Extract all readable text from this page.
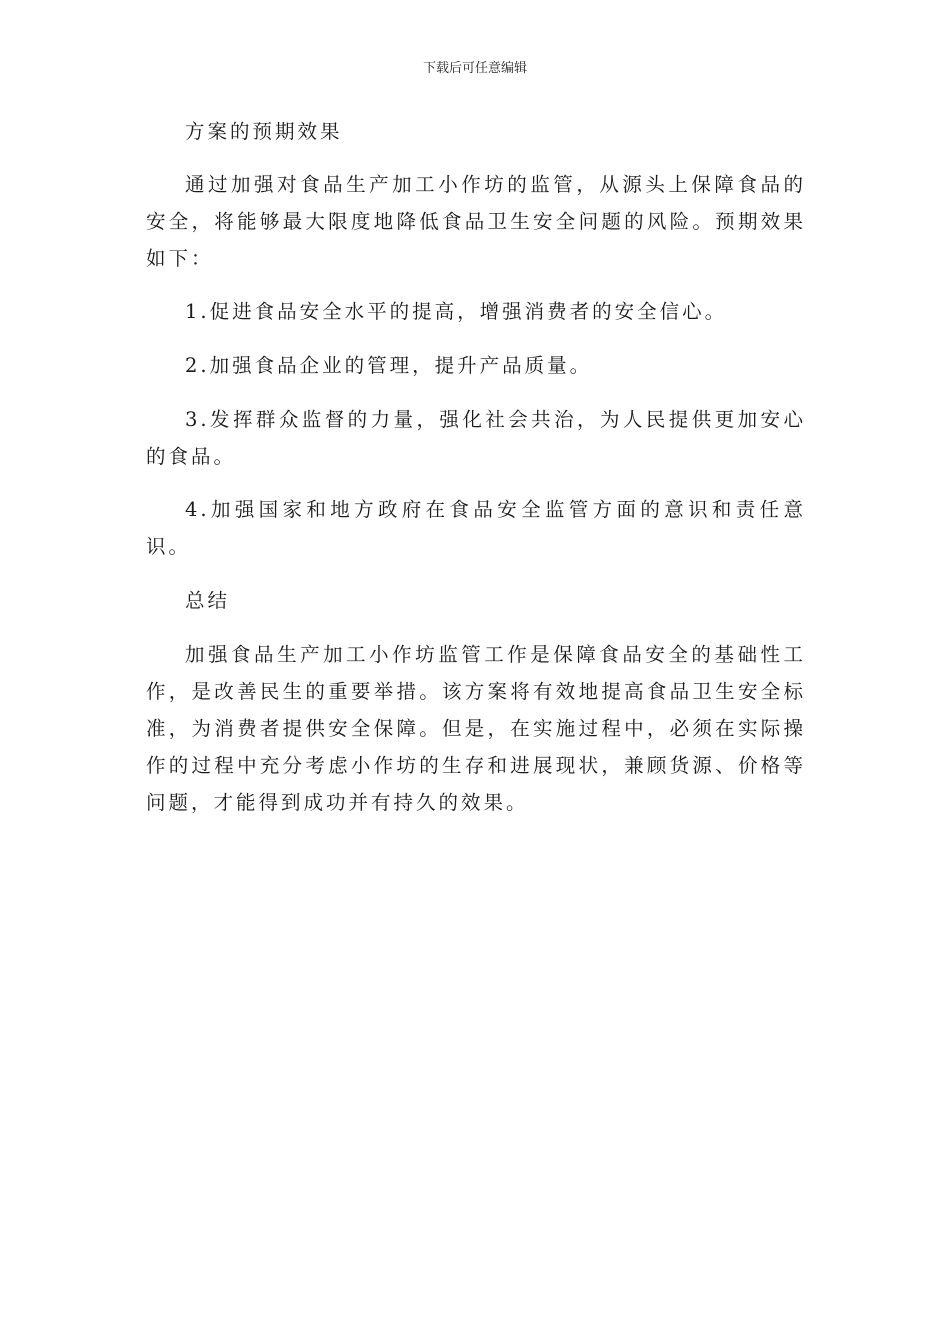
下载后可任意编辑

方案的预期效果

通过加强对食品生产加工小作坊的监管，从源头上保障食品的安全，将能够最大限度地降低食品卫生安全问题的风险。预期效果如下：

1.促进食品安全水平的提高，增强消费者的安全信心。

2.加强食品企业的管理，提升产品质量。

3.发挥群众监督的力量，强化社会共治，为人民提供更加安心的食品。

4.加强国家和地方政府在食品安全监管方面的意识和责任意识。

总结

加强食品生产加工小作坊监管工作是保障食品安全的基础性工作，是改善民生的重要举措。该方案将有效地提高食品卫生安全标准，为消费者提供安全保障。但是，在实施过程中，必须在实际操作的过程中充分考虑小作坊的生存和进展现状，兼顾货源、价格等问题，才能得到成功并有持久的效果。
